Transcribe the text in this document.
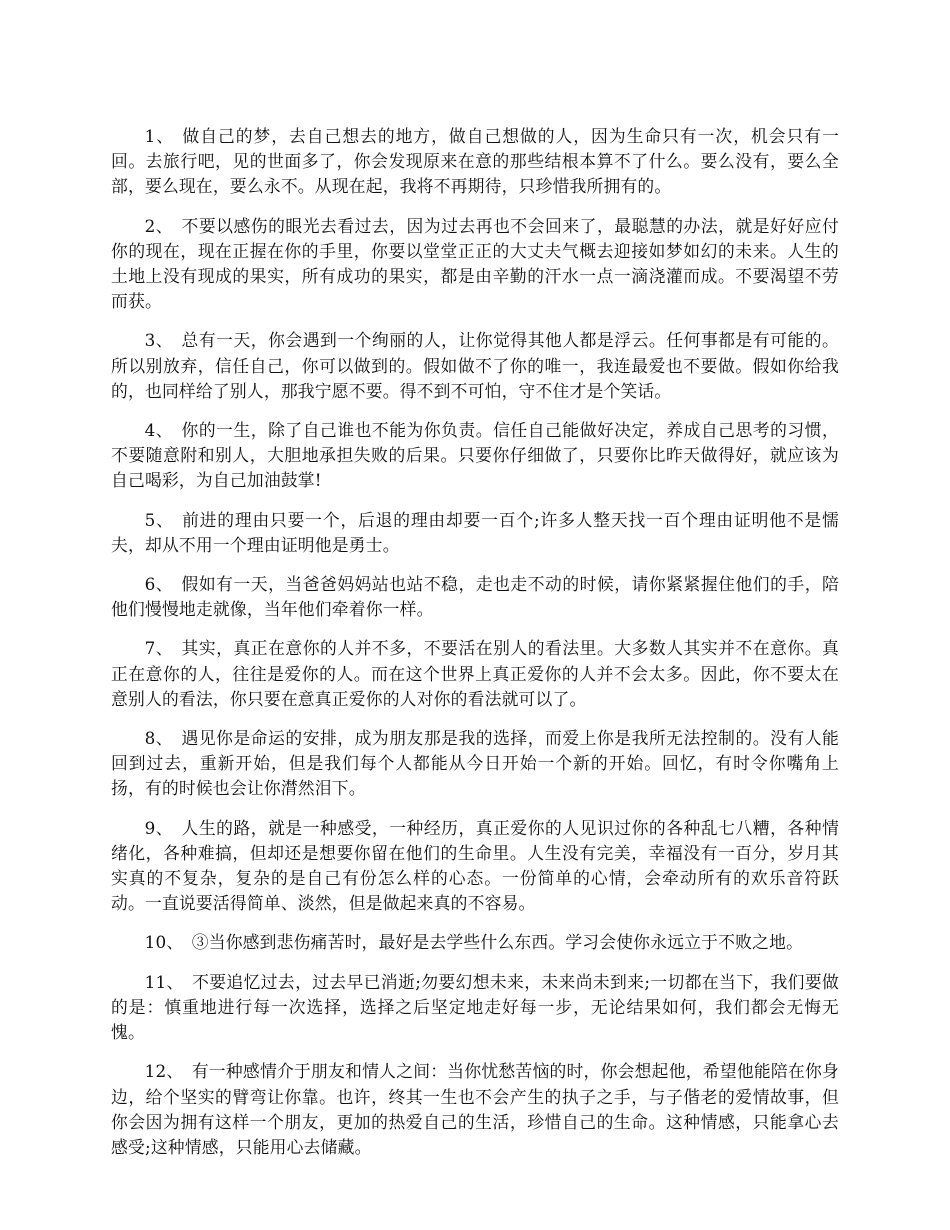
1、 做自己的梦，去自己想去的地方，做自己想做的人，因为生命只有一次，机会只有一回。去旅行吧，见的世面多了，你会发现原来在意的那些结根本算不了什么。要么没有，要么全部，要么现在，要么永不。从现在起，我将不再期待，只珍惜我所拥有的。

2、 不要以感伤的眼光去看过去，因为过去再也不会回来了，最聪慧的办法，就是好好应付你的现在，现在正握在你的手里，你要以堂堂正正的大丈夫气概去迎接如梦如幻的未来。人生的土地上没有现成的果实，所有成功的果实，都是由辛勤的汗水一点一滴浇灌而成。不要渴望不劳而获。

3、 总有一天，你会遇到一个绚丽的人，让你觉得其他人都是浮云。任何事都是有可能的。所以别放弃，信任自己，你可以做到的。假如做不了你的唯一，我连最爱也不要做。假如你给我的，也同样给了别人，那我宁愿不要。得不到不可怕，守不住才是个笑话。

4、 你的一生，除了自己谁也不能为你负责。信任自己能做好决定，养成自己思考的习惯，不要随意附和别人，大胆地承担失败的后果。只要你仔细做了，只要你比昨天做得好，就应该为自己喝彩，为自己加油鼓掌!

5、 前进的理由只要一个，后退的理由却要一百个;许多人整天找一百个理由证明他不是懦夫，却从不用一个理由证明他是勇士。

6、 假如有一天，当爸爸妈妈站也站不稳，走也走不动的时候，请你紧紧握住他们的手，陪他们慢慢地走就像，当年他们牵着你一样。

7、 其实，真正在意你的人并不多，不要活在别人的看法里。大多数人其实并不在意你。真正在意你的人，往往是爱你的人。而在这个世界上真正爱你的人并不会太多。因此，你不要太在意别人的看法，你只要在意真正爱你的人对你的看法就可以了。

8、 遇见你是命运的安排，成为朋友那是我的选择，而爱上你是我所无法控制的。没有人能回到过去，重新开始，但是我们每个人都能从今日开始一个新的开始。回忆，有时令你嘴角上扬，有的时候也会让你潸然泪下。

9、 人生的路，就是一种感受，一种经历，真正爱你的人见识过你的各种乱七八糟，各种情绪化，各种难搞，但却还是想要你留在他们的生命里。人生没有完美，幸福没有一百分，岁月其实真的不复杂，复杂的是自己有份怎么样的心态。一份简单的心情，会牵动所有的欢乐音符跃动。一直说要活得简单、淡然，但是做起来真的不容易。

10、 ③当你感到悲伤痛苦时，最好是去学些什么东西。学习会使你永远立于不败之地。

11、 不要追忆过去，过去早已消逝;勿要幻想未来，未来尚未到来;一切都在当下，我们要做的是：慎重地进行每一次选择，选择之后坚定地走好每一步，无论结果如何，我们都会无悔无愧。

12、 有一种感情介于朋友和情人之间：当你忧愁苦恼的时，你会想起他，希望他能陪在你身边，给个坚实的臂弯让你靠。也许，终其一生也不会产生的执子之手，与子偕老的爱情故事，但你会因为拥有这样一个朋友，更加的热爱自己的生活，珍惜自己的生命。这种情感，只能拿心去感受;这种情感，只能用心去储藏。
